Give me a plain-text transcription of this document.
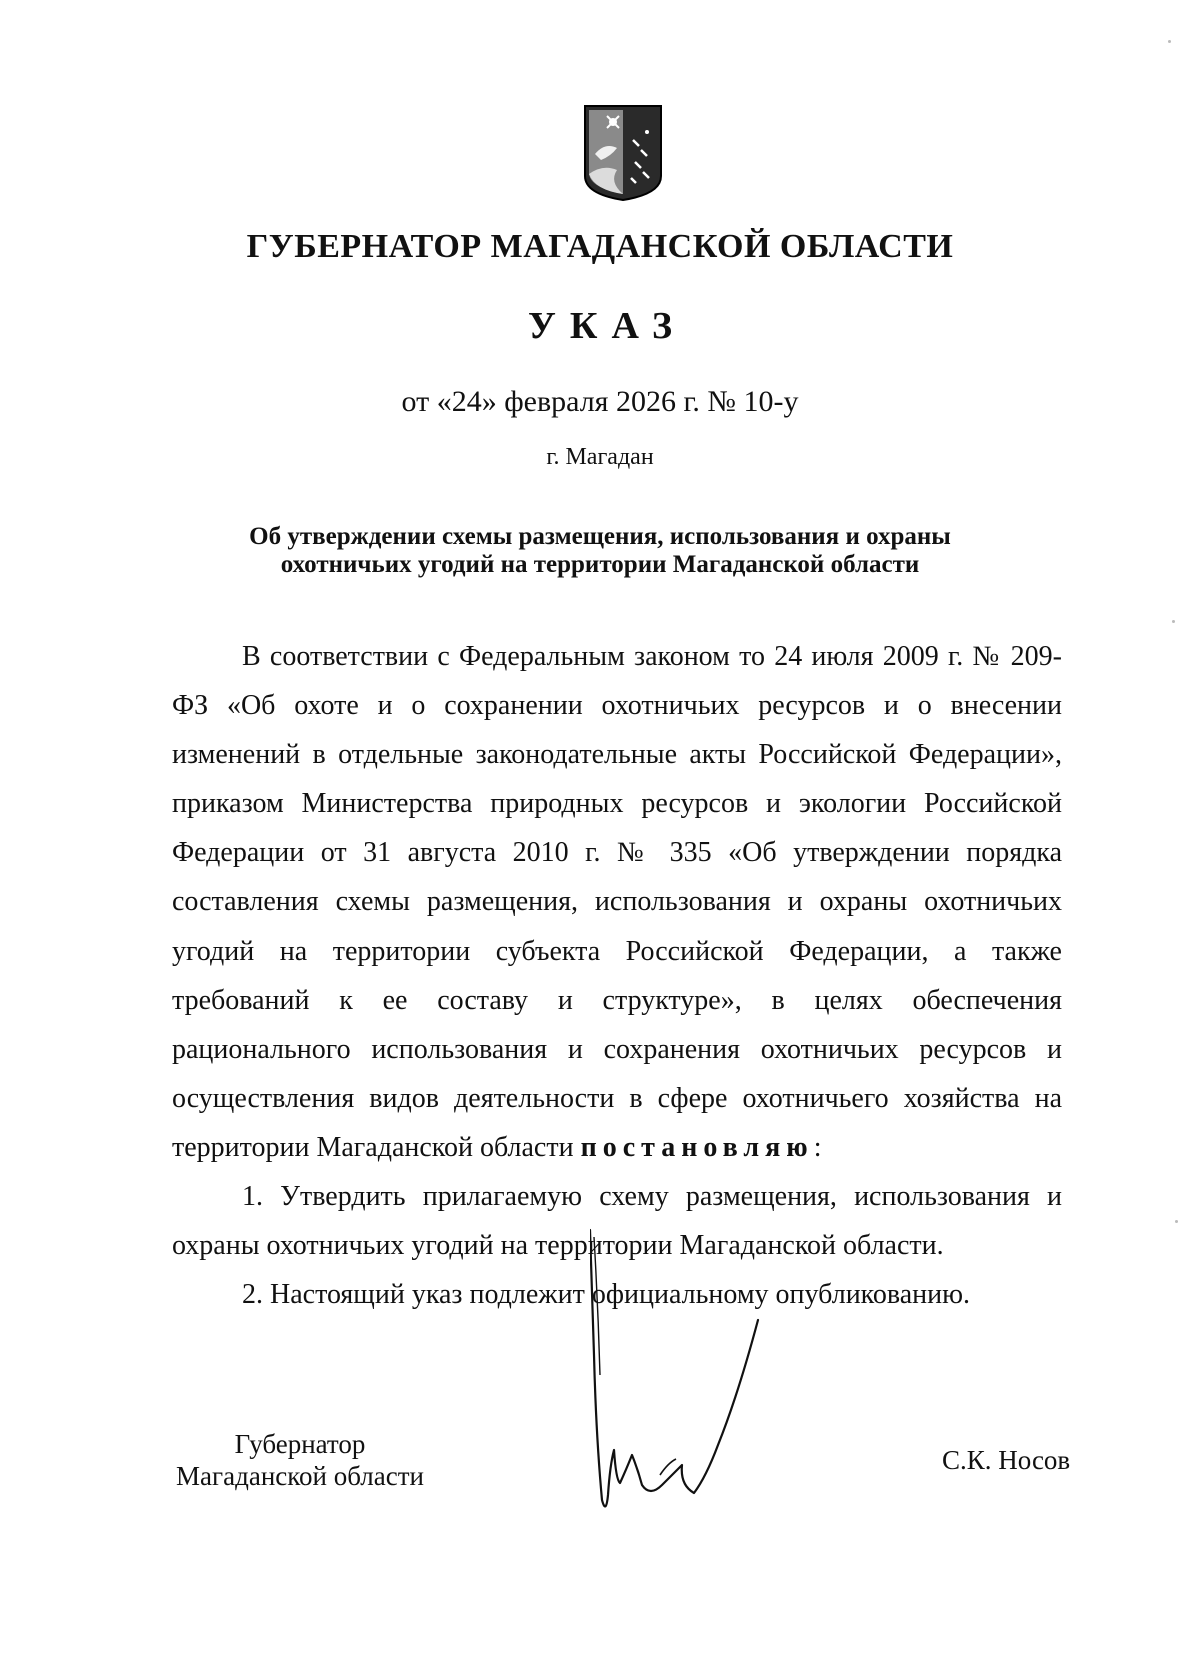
ГУБЕРНАТОР МАГАДАНСКОЙ ОБЛАСТИ
УКАЗ
от «24» февраля 2026 г. № 10-у
г. Магадан
Об утверждении схемы размещения, использования и охраны
охотничьих угодий на территории Магаданской области

В соответствии с Федеральным законом то 24 июля 2009 г. № 209-ФЗ «Об охоте и о сохранении охотничьих ресурсов и о внесении изменений в отдельные законодательные акты Российской Федерации», приказом Министерства природных ресурсов и экологии Российской Федерации от 31 августа 2010 г. № 335 «Об утверждении порядка составления схемы размещения, использования и охраны охотничьих угодий на территории субъекта Российской Федерации, а также требований к ее составу и структуре», в целях обеспечения рационального использования и сохранения охотничьих ресурсов и осуществления видов деятельности в сфере охотничьего хозяйства на территории Магаданской области постановляю:

1. Утвердить прилагаемую схему размещения, использования и охраны охотничьих угодий на территории Магаданской области.

2. Настоящий указ подлежит официальному опубликованию.

Губернатор
Магаданской области
С.К. Носов
